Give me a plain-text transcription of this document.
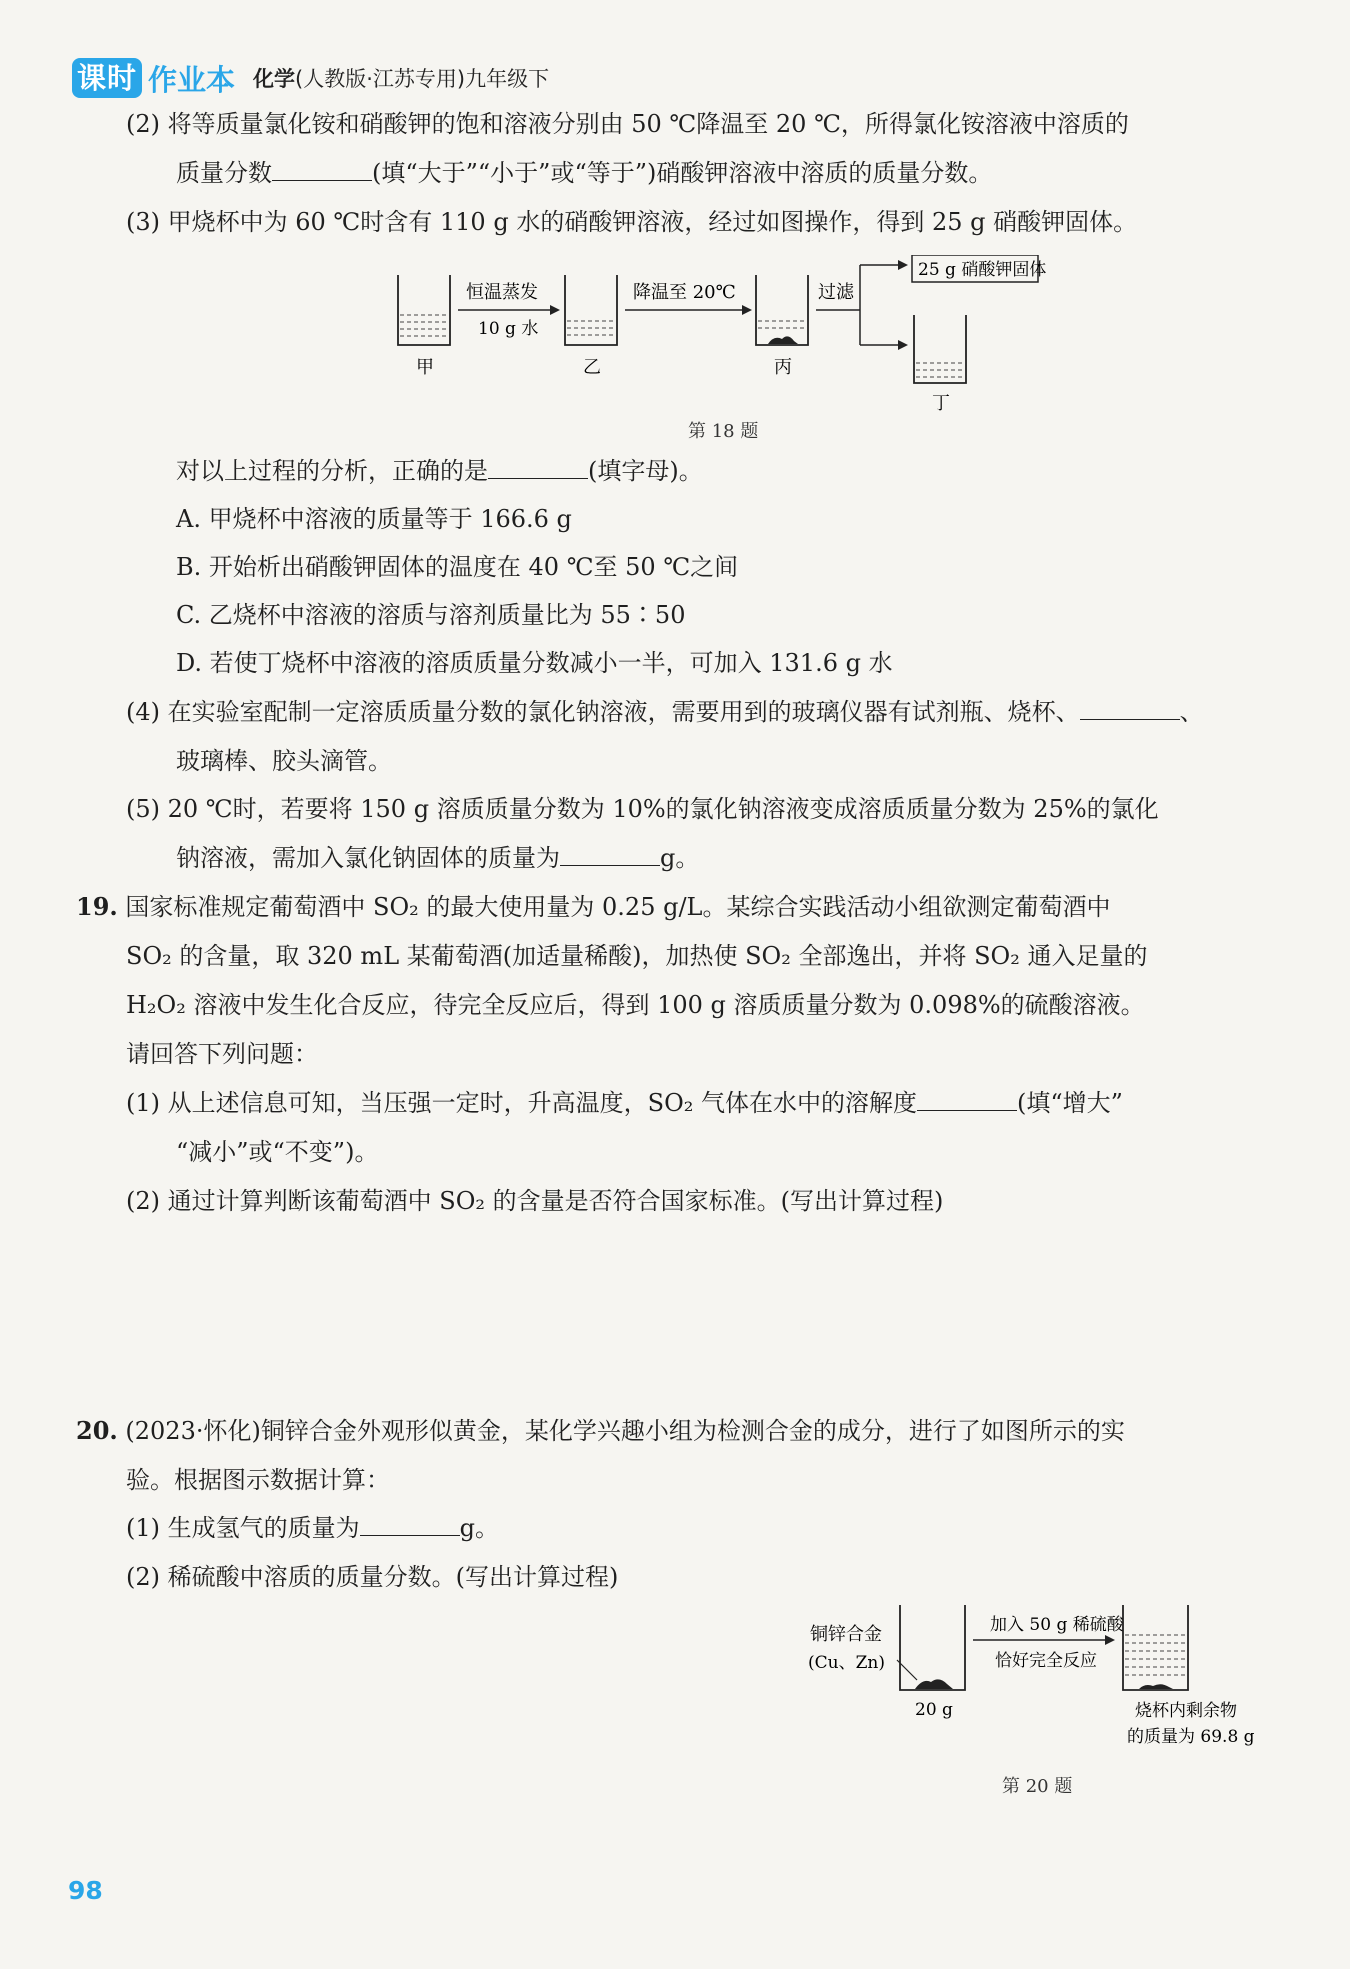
课时 作业本 化学(人教版·江苏专用)九年级下
(2) 将等质量氯化铵和硝酸钾的饱和溶液分别由 50 ℃降温至 20 ℃，所得氯化铵溶液中溶质的
质量分数	(填“大于”“小于”或“等于”)硝酸钾溶液中溶质的质量分数。
(3) 甲烧杯中为 60 ℃时含有 110 g 水的硝酸钾溶液，经过如图操作，得到 25 g 硝酸钾固体。
甲
恒温蒸发
10 g 水
乙
降温至 20℃
丙
过滤
25 g 硝酸钾固体
丁
第 18 题
对以上过程的分析，正确的是	(填字母)。
A. 甲烧杯中溶液的质量等于 166.6 g
B. 开始析出硝酸钾固体的温度在 40 ℃至 50 ℃之间
C. 乙烧杯中溶液的溶质与溶剂质量比为 55∶50
D. 若使丁烧杯中溶液的溶质质量分数减小一半，可加入 131.6 g 水
(4) 在实验室配制一定溶质质量分数的氯化钠溶液，需要用到的玻璃仪器有试剂瓶、烧杯、	、
玻璃棒、胶头滴管。
(5) 20 ℃时，若要将 150 g 溶质质量分数为 10%的氯化钠溶液变成溶质质量分数为 25%的氯化
钠溶液，需加入氯化钠固体的质量为	g。
19. 国家标准规定葡萄酒中 SO₂ 的最大使用量为 0.25 g/L。某综合实践活动小组欲测定葡萄酒中
SO₂ 的含量，取 320 mL 某葡萄酒(加适量稀酸)，加热使 SO₂ 全部逸出，并将 SO₂ 通入足量的
H₂O₂ 溶液中发生化合反应，待完全反应后，得到 100 g 溶质质量分数为 0.098%的硫酸溶液。
请回答下列问题：
(1) 从上述信息可知，当压强一定时，升高温度，SO₂ 气体在水中的溶解度	(填“增大”
“减小”或“不变”)。
(2) 通过计算判断该葡萄酒中 SO₂ 的含量是否符合国家标准。(写出计算过程)
20. (2023·怀化)铜锌合金外观形似黄金，某化学兴趣小组为检测合金的成分，进行了如图所示的实
验。根据图示数据计算：
(1) 生成氢气的质量为	g。
(2) 稀硫酸中溶质的质量分数。(写出计算过程)
铜锌合金
(Cu、Zn)
20 g
加入 50 g 稀硫酸
恰好完全反应
烧杯内剩余物
的质量为 69.8 g
第 20 题
98
